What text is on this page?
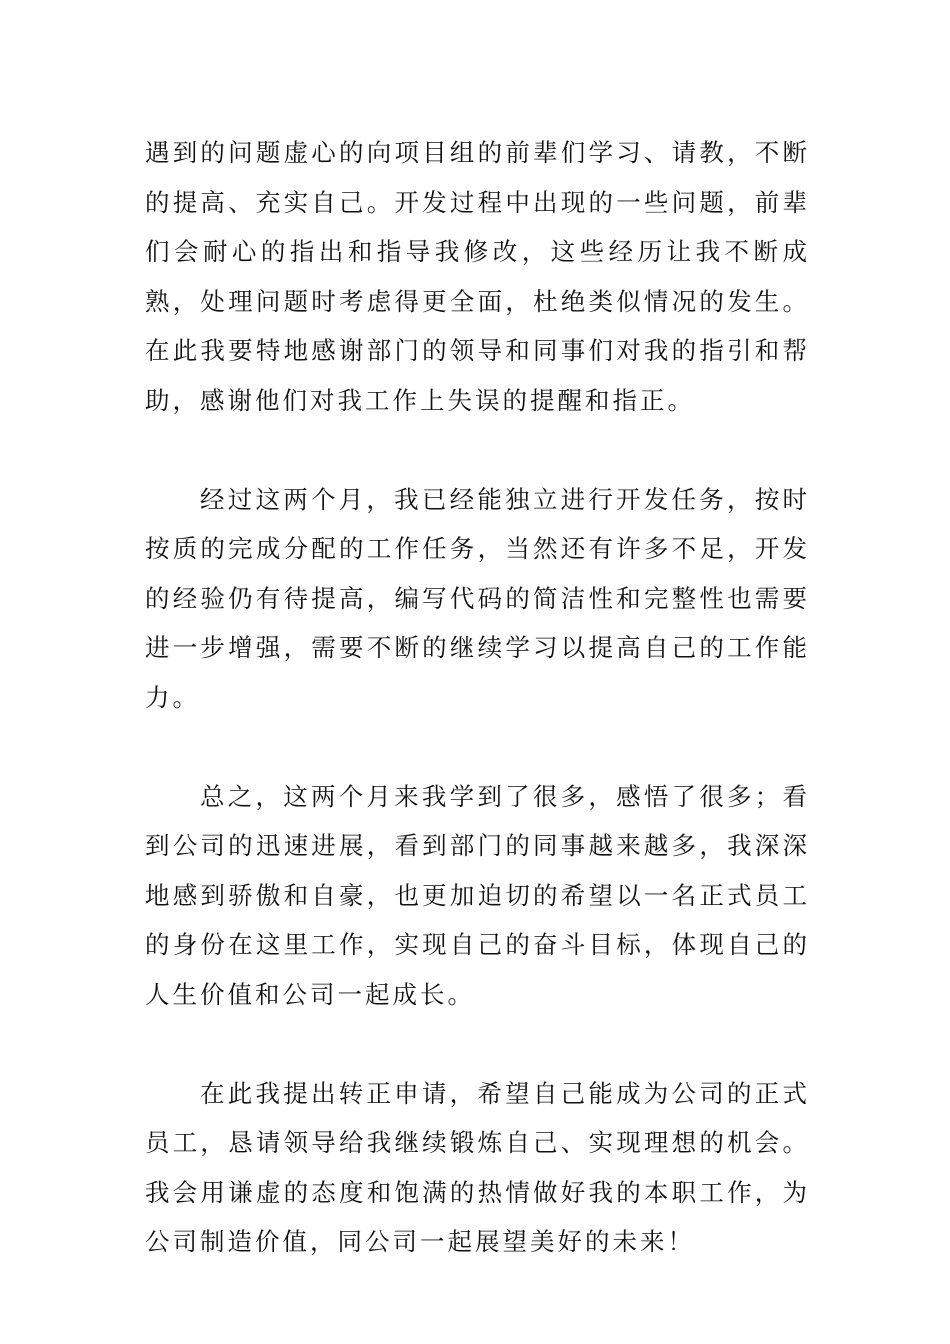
遇到的问题虚心的向项目组的前辈们学习、请教，不断的提高、充实自己。开发过程中出现的一些问题，前辈们会耐心的指出和指导我修改，这些经历让我不断成熟，处理问题时考虑得更全面，杜绝类似情况的发生。在此我要特地感谢部门的领导和同事们对我的指引和帮助，感谢他们对我工作上失误的提醒和指正。

经过这两个月，我已经能独立进行开发任务，按时按质的完成分配的工作任务，当然还有许多不足，开发的经验仍有待提高，编写代码的简洁性和完整性也需要进一步增强，需要不断的继续学习以提高自己的工作能力。

总之，这两个月来我学到了很多，感悟了很多；看到公司的迅速进展，看到部门的同事越来越多，我深深地感到骄傲和自豪，也更加迫切的希望以一名正式员工的身份在这里工作，实现自己的奋斗目标，体现自己的人生价值和公司一起成长。

在此我提出转正申请，希望自己能成为公司的正式员工，恳请领导给我继续锻炼自己、实现理想的机会。我会用谦虚的态度和饱满的热情做好我的本职工作，为公司制造价值，同公司一起展望美好的未来！
